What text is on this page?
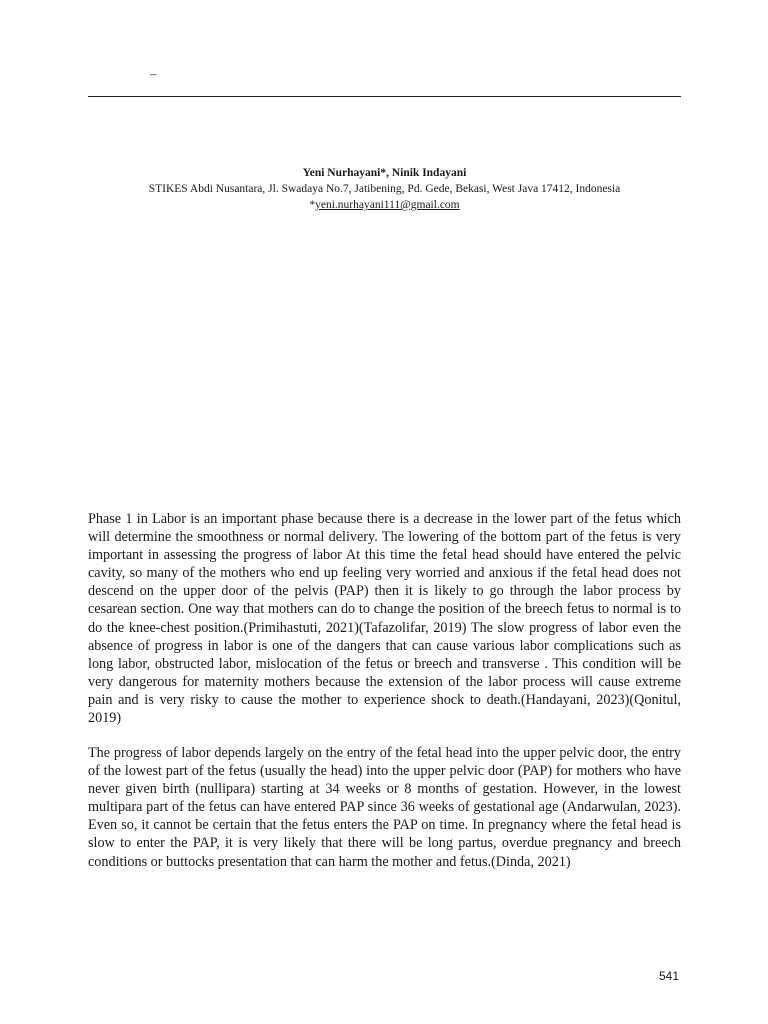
–
Yeni Nurhayani*, Ninik Indayani
STIKES Abdi Nusantara, Jl. Swadaya No.7, Jatibening, Pd. Gede, Bekasi, West Java 17412, Indonesia
*yeni.nurhayani111@gmail.com

Phase 1 in Labor is an important phase because there is a decrease in the lower part of the fetus which will determine the smoothness or normal delivery. The lowering of the bottom part of the fetus is very important in assessing the progress of labor At this time the fetal head should have entered the pelvic cavity, so many of the mothers who end up feeling very worried and anxious if the fetal head does not descend on the upper door of the pelvis (PAP) then it is likely to go through the labor process by cesarean section. One way that mothers can do to change the position of the breech fetus to normal is to do the knee-chest position.(Primihastuti, 2021)(Tafazolifar, 2019) The slow progress of labor even the absence of progress in labor is one of the dangers that can cause various labor complications such as long labor, obstructed labor, mislocation of the fetus or breech and transverse . This condition will be very dangerous for maternity mothers because the extension of the labor process will cause extreme pain and is very risky to cause the mother to experience shock to death.(Handayani, 2023)(Qonitul, 2019)

The progress of labor depends largely on the entry of the fetal head into the upper pelvic door, the entry of the lowest part of the fetus (usually the head) into the upper pelvic door (PAP) for mothers who have never given birth (nullipara) starting at 34 weeks or 8 months of gestation. However, in the lowest multipara part of the fetus can have entered PAP since 36 weeks of gestational age (Andarwulan, 2023). Even so, it cannot be certain that the fetus enters the PAP on time. In pregnancy where the fetal head is slow to enter the PAP, it is very likely that there will be long partus, overdue pregnancy and breech conditions or buttocks presentation that can harm the mother and fetus.(Dinda, 2021)

541
